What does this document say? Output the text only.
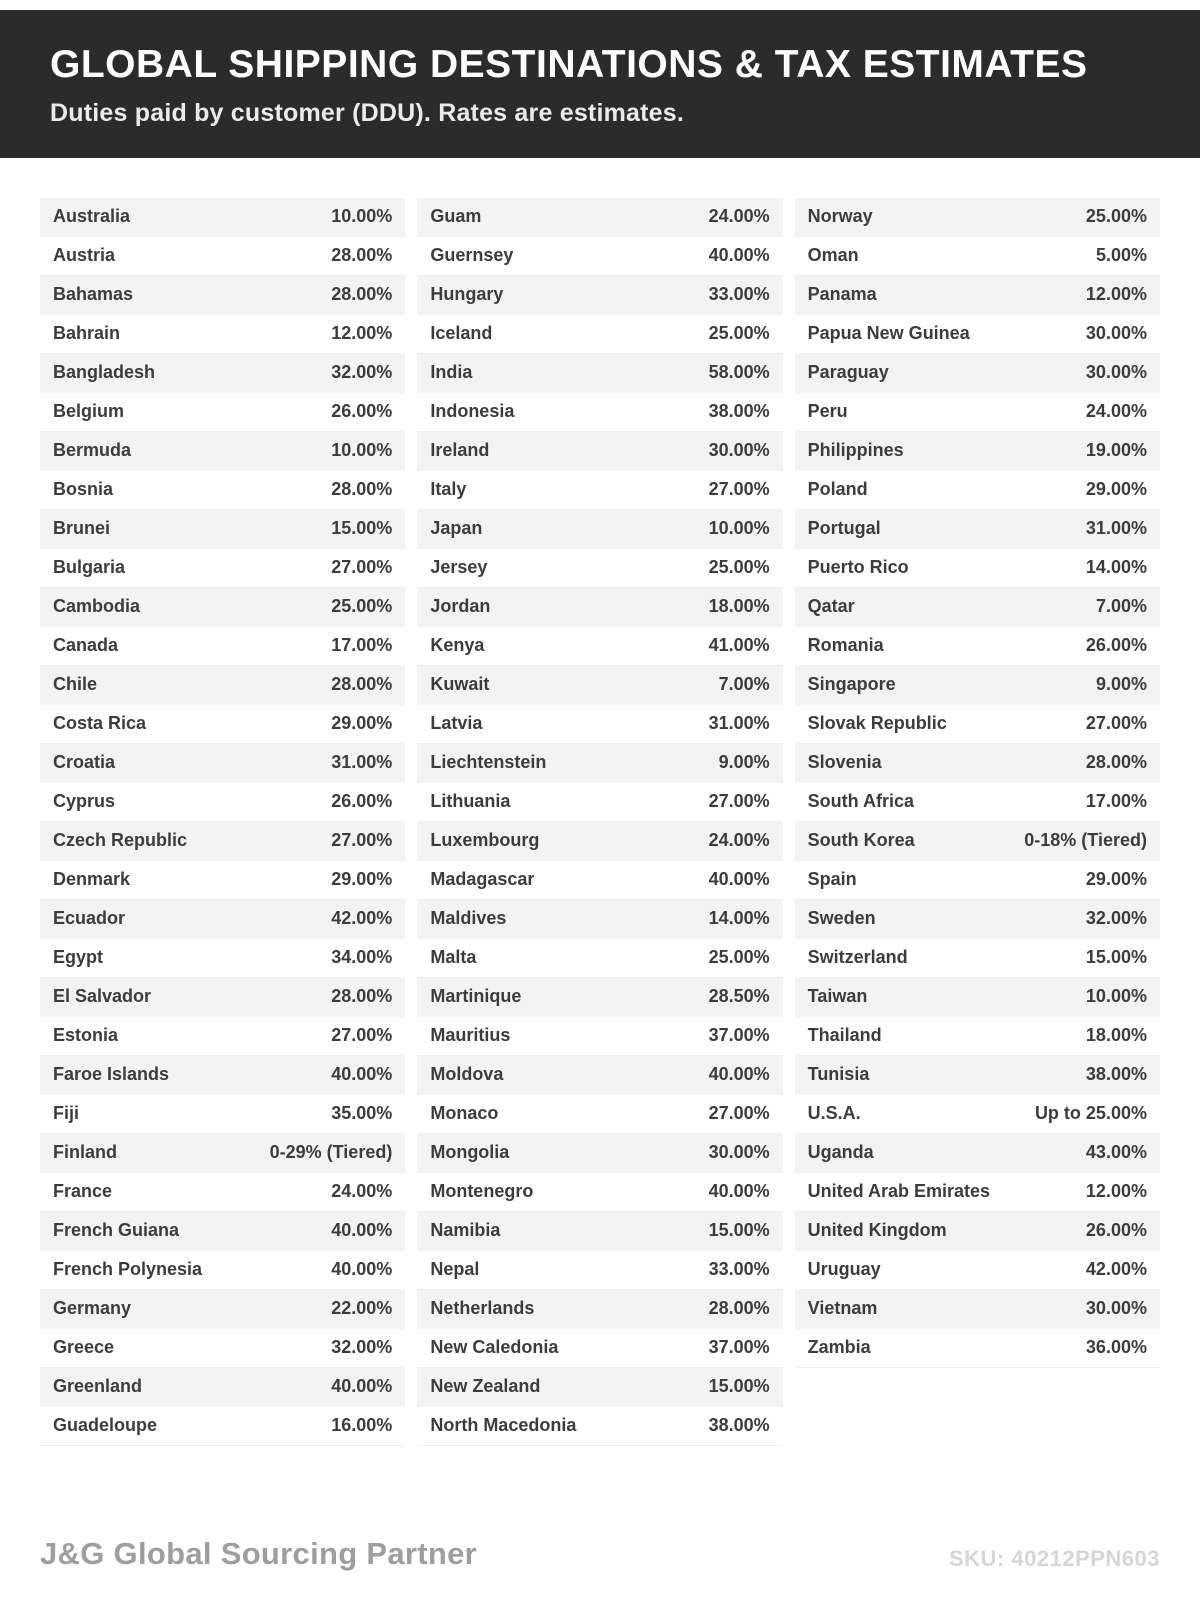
GLOBAL SHIPPING DESTINATIONS & TAX ESTIMATES
Duties paid by customer (DDU). Rates are estimates.
Australia	10.00%
Austria	28.00%
Bahamas	28.00%
Bahrain	12.00%
Bangladesh	32.00%
Belgium	26.00%
Bermuda	10.00%
Bosnia	28.00%
Brunei	15.00%
Bulgaria	27.00%
Cambodia	25.00%
Canada	17.00%
Chile	28.00%
Costa Rica	29.00%
Croatia	31.00%
Cyprus	26.00%
Czech Republic	27.00%
Denmark	29.00%
Ecuador	42.00%
Egypt	34.00%
El Salvador	28.00%
Estonia	27.00%
Faroe Islands	40.00%
Fiji	35.00%
Finland	0-29% (Tiered)
France	24.00%
French Guiana	40.00%
French Polynesia	40.00%
Germany	22.00%
Greece	32.00%
Greenland	40.00%
Guadeloupe	16.00%
Guam	24.00%
Guernsey	40.00%
Hungary	33.00%
Iceland	25.00%
India	58.00%
Indonesia	38.00%
Ireland	30.00%
Italy	27.00%
Japan	10.00%
Jersey	25.00%
Jordan	18.00%
Kenya	41.00%
Kuwait	7.00%
Latvia	31.00%
Liechtenstein	9.00%
Lithuania	27.00%
Luxembourg	24.00%
Madagascar	40.00%
Maldives	14.00%
Malta	25.00%
Martinique	28.50%
Mauritius	37.00%
Moldova	40.00%
Monaco	27.00%
Mongolia	30.00%
Montenegro	40.00%
Namibia	15.00%
Nepal	33.00%
Netherlands	28.00%
New Caledonia	37.00%
New Zealand	15.00%
North Macedonia	38.00%
Norway	25.00%
Oman	5.00%
Panama	12.00%
Papua New Guinea	30.00%
Paraguay	30.00%
Peru	24.00%
Philippines	19.00%
Poland	29.00%
Portugal	31.00%
Puerto Rico	14.00%
Qatar	7.00%
Romania	26.00%
Singapore	9.00%
Slovak Republic	27.00%
Slovenia	28.00%
South Africa	17.00%
South Korea	0-18% (Tiered)
Spain	29.00%
Sweden	32.00%
Switzerland	15.00%
Taiwan	10.00%
Thailand	18.00%
Tunisia	38.00%
U.S.A.	Up to 25.00%
Uganda	43.00%
United Arab Emirates	12.00%
United Kingdom	26.00%
Uruguay	42.00%
Vietnam	30.00%
Zambia	36.00%
J&G Global Sourcing Partner	SKU: 40212PPN603
